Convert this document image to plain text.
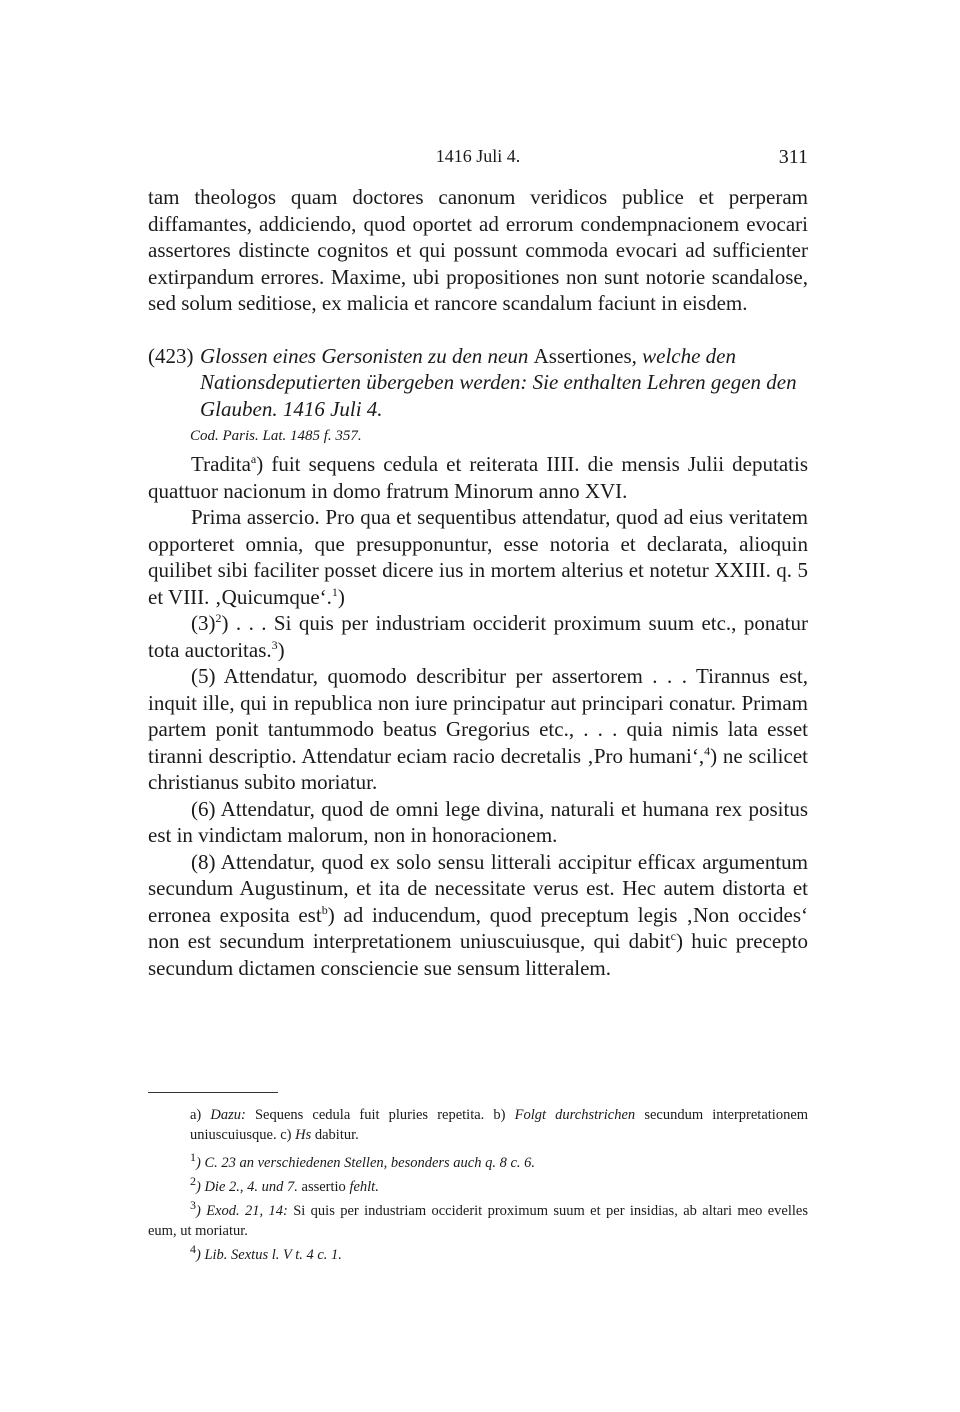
1416 Juli 4.	311

tam theologos quam doctores canonum veridicos publice et perperam diffamantes, addiciendo, quod oportet ad errorum condempnacionem evocari assertores distincte cognitos et qui possunt commoda evocari ad sufficienter extirpandum errores. Maxime, ubi propositiones non sunt notorie scandalose, sed solum seditiose, ex malicia et rancore scandalum faciunt in eisdem.

(423) Glossen eines Gersonisten zu den neun Assertiones, welche den Nationsdeputierten übergeben werden: Sie enthalten Lehren gegen den Glauben. 1416 Juli 4.

Cod. Paris. Lat. 1485 f. 357.

Tradita$^a$) fuit sequens cedula et reiterata IIII. die mensis Julii deputatis quattuor nacionum in domo fratrum Minorum anno XVI.

Prima assercio. Pro qua et sequentibus attendatur, quod ad eius veritatem opporteret omnia, que presupponuntur, esse notoria et declarata, alioquin quilibet sibi faciliter posset dicere ius in mortem alterius et notetur XXIII. q. 5 et VIII. ‚Quicumque‘.$^1$)

$(3)^2$) . . . Si quis per industriam occiderit proximum suum etc., ponatur tota auctoritas.$^3$)

(5) Attendatur, quomodo describitur per assertorem . . . Tirannus est, inquit ille, qui in republica non iure principatur aut principari conatur. Primam partem ponit tantummodo beatus Gregorius etc., . . . quia nimis lata esset tiranni descriptio. Attendatur eciam racio decretalis ‚Pro humani‘,$^4$) ne scilicet christianus subito moriatur.

(6) Attendatur, quod de omni lege divina, naturali et humana rex positus est in vindictam malorum, non in honoracionem.

(8) Attendatur, quod ex solo sensu litterali accipitur efficax argumentum secundum Augustinum, et ita de necessitate verus est. Hec autem distorta et erronea exposita est$^b$) ad inducendum, quod preceptum legis ‚Non occides‘ non est secundum interpretationem uniuscuiusque, qui dabit$^c$) huic precepto secundum dictamen consciencie sue sensum litteralem.

a) Dazu: Sequens cedula fuit pluries repetita. b) Folgt durchstrichen secundum interpretationem uniuscuiusque. c) Hs dabitur.

$^1$) C. 23 an verschiedenen Stellen, besonders auch q. 8 c. 6.

$^2$) Die 2., 4. und 7. assertio fehlt.

$^3$) Exod. 21, 14: Si quis per industriam occiderit proximum suum et per insidias, ab altari meo evelles eum, ut moriatur.

$^4$) Lib. Sextus l. V t. 4 c. 1.
